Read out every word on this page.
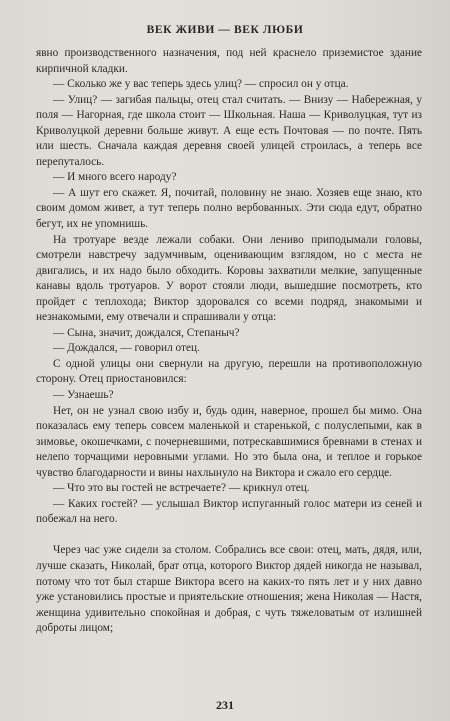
ВЕК ЖИВИ — ВЕК ЛЮБИ

явно производственного назначения, под ней краснело приземистое здание кирпичной кладки.

— Сколько же у вас теперь здесь улиц? — спросил он у отца.

— Улиц? — загибая пальцы, отец стал считать. — Внизу — Набережная, у поля — Нагорная, где школа стоит — Школьная. Наша — Криволуцкая, тут из Криволуцкой деревни больше живут. А еще есть Почтовая — по почте. Пять или шесть. Сначала каждая деревня своей улицей строилась, а теперь все перепуталось.

— И много всего народу?

— А шут его скажет. Я, почитай, половину не знаю. Хозяев еще знаю, кто своим домом живет, а тут теперь полно вербованных. Эти сюда едут, обратно бегут, их не упомнишь.

На тротуаре везде лежали собаки. Они лениво приподымали головы, смотрели навстречу задумчивым, оценивающим взглядом, но с места не двигались, и их надо было обходить. Коровы захватили мелкие, запущенные канавы вдоль тротуаров. У ворот стояли люди, вышедшие посмотреть, кто пройдет с теплохода; Виктор здоровался со всеми подряд, знакомыми и незнакомыми, ему отвечали и спрашивали у отца:

— Сына, значит, дождался, Степаныч?

— Дождался, — говорил отец.

С одной улицы они свернули на другую, перешли на противоположную сторону. Отец приостановился:

— Узнаешь?

Нет, он не узнал свою избу и, будь один, наверное, прошел бы мимо. Она показалась ему теперь совсем маленькой и старенькой, с полуслепыми, как в зимовье, окошечками, с почерневшими, потрескавшимися бревнами в стенах и нелепо торчащими неровными углами. Но это была она, и теплое и горькое чувство благодарности и вины нахлынуло на Виктора и сжало его сердце.

— Что это вы гостей не встречаете? — крикнул отец.

— Каких гостей? — услышал Виктор испуганный голос матери из сеней и побежал на него.

Через час уже сидели за столом. Собрались все свои: отец, мать, дядя, или, лучше сказать, Николай, брат отца, которого Виктор дядей никогда не называл, потому что тот был старше Виктора всего на каких-то пять лет и у них давно уже установились простые и приятельские отношения; жена Николая — Настя, женщина удивительно спокойная и добрая, с чуть тяжеловатым от излишней доброты лицом;

231
